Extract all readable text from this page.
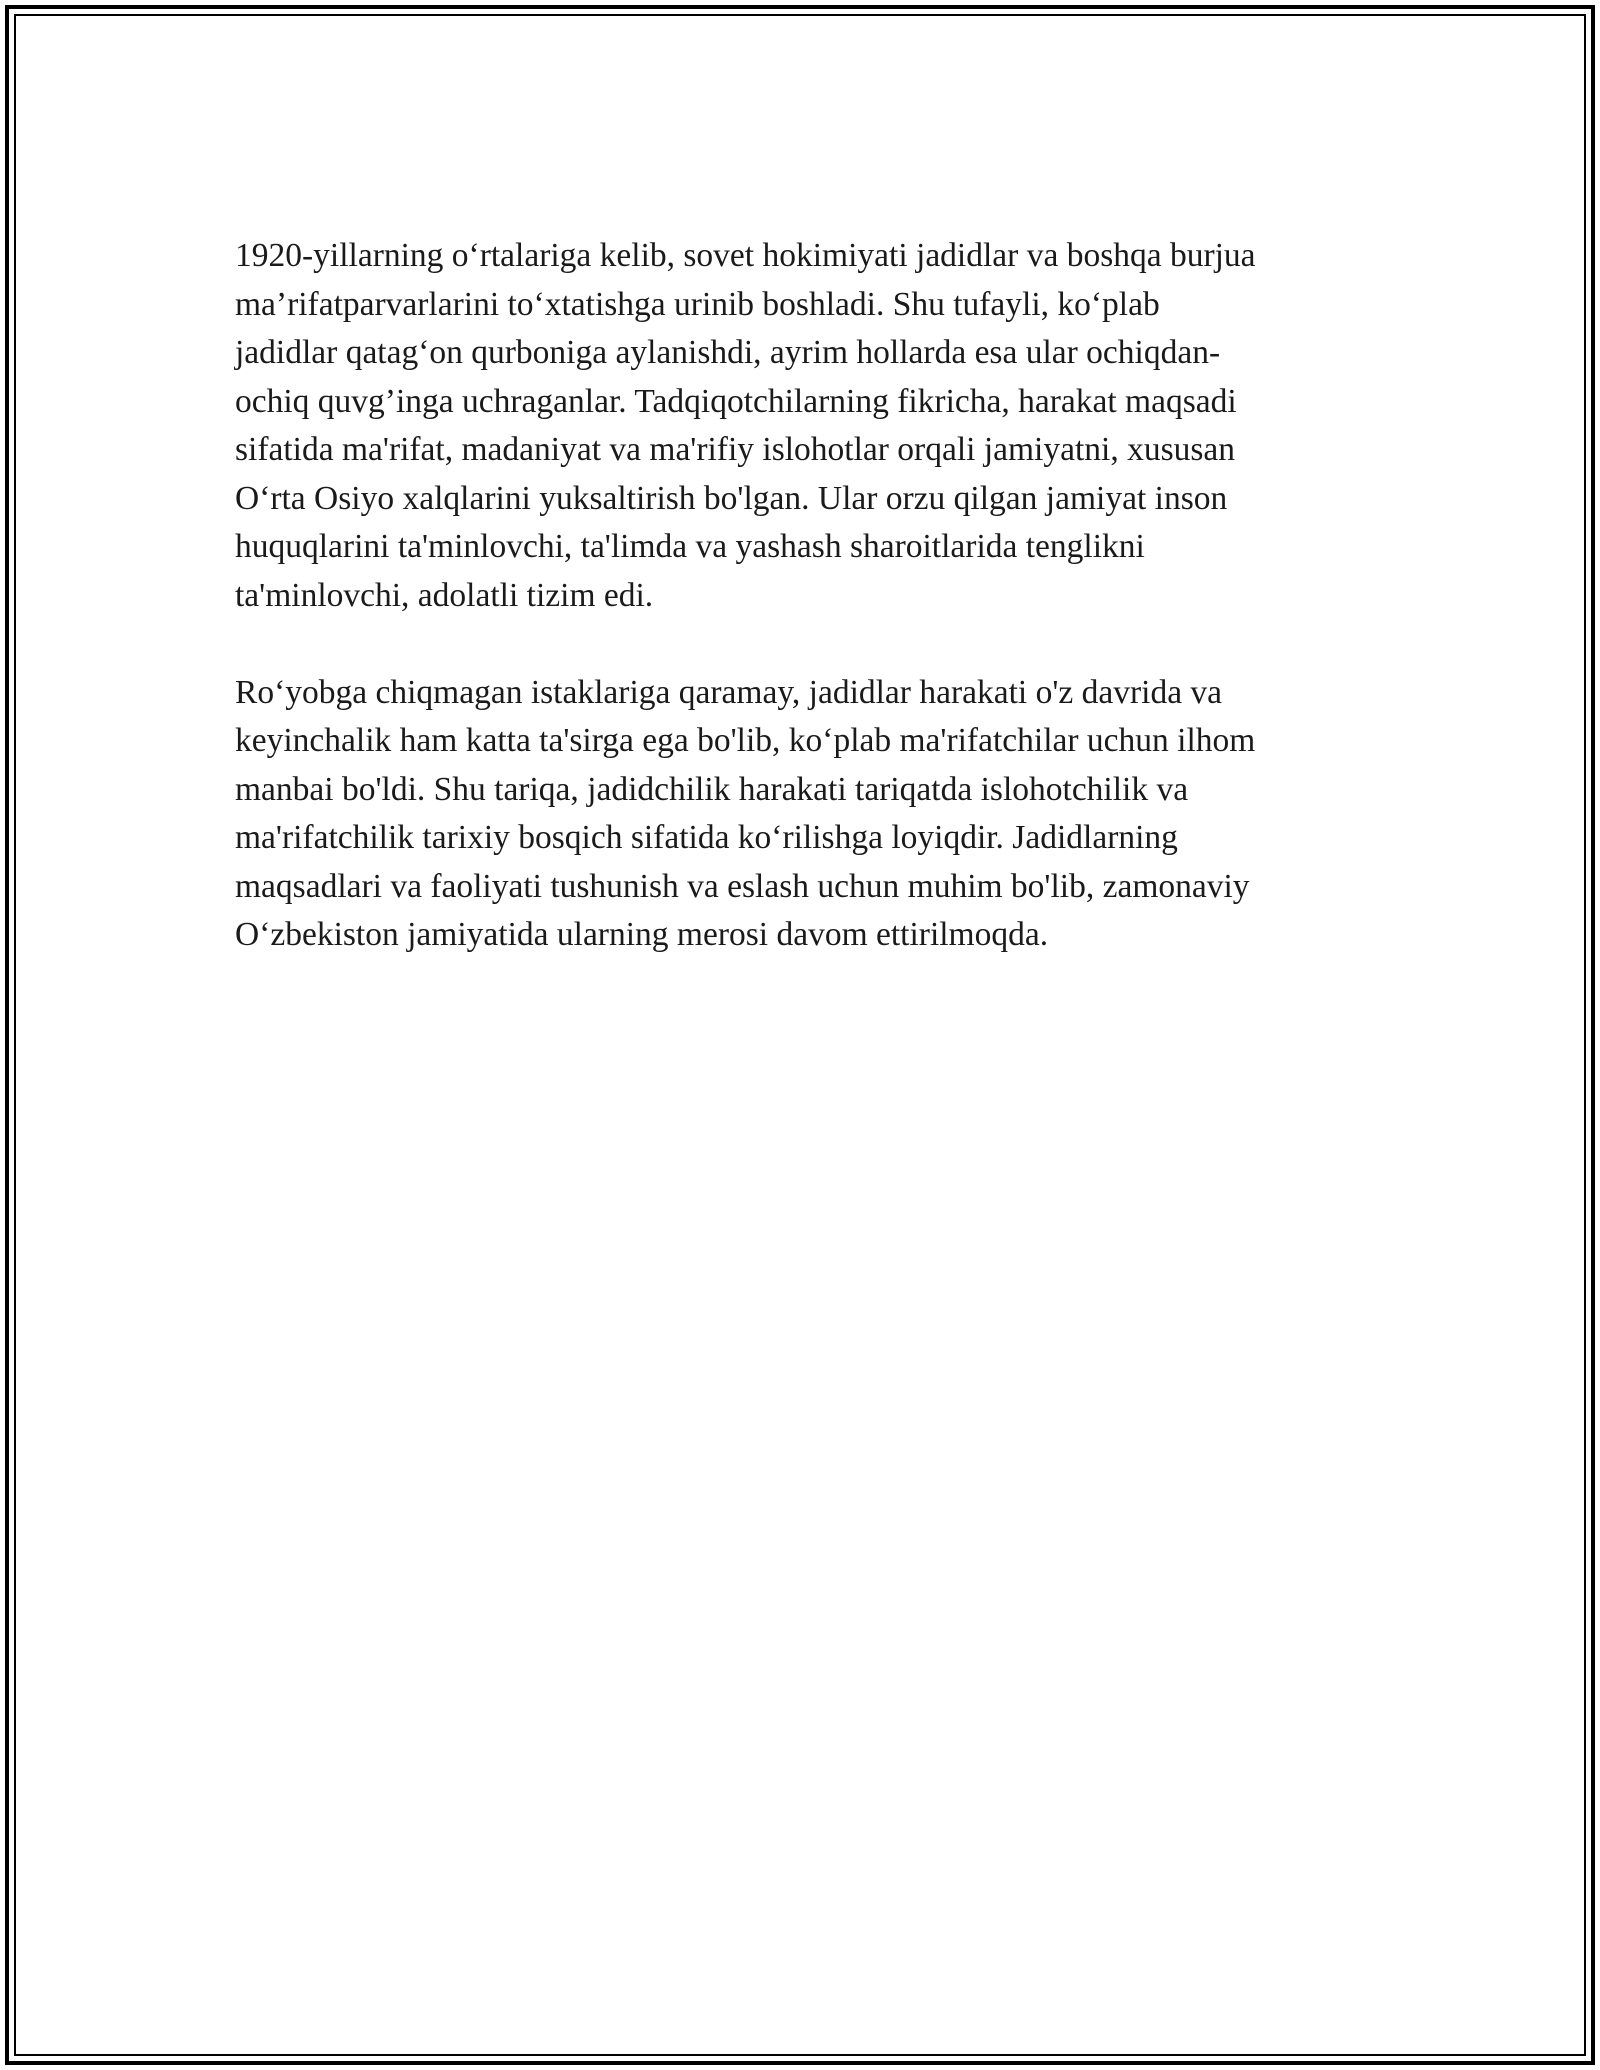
1920-yillarning o‘rtalariga kelib, sovet hokimiyati jadidlar va boshqa burjua
ma’rifatparvarlarini to‘xtatishga urinib boshladi. Shu tufayli, ko‘plab
jadidlar qatag‘on qurboniga aylanishdi, ayrim hollarda esa ular ochiqdan-
ochiq quvg’inga uchraganlar. Tadqiqotchilarning fikricha, harakat maqsadi
sifatida ma'rifat, madaniyat va ma'rifiy islohotlar orqali jamiyatni, xususan
O‘rta Osiyo xalqlarini yuksaltirish bo'lgan. Ular orzu qilgan jamiyat inson
huquqlarini ta'minlovchi, ta'limda va yashash sharoitlarida tenglikni
ta'minlovchi, adolatli tizim edi.

Ro‘yobga chiqmagan istaklariga qaramay, jadidlar harakati o'z davrida va
keyinchalik ham katta ta'sirga ega bo'lib, ko‘plab ma'rifatchilar uchun ilhom
manbai bo'ldi. Shu tariqa, jadidchilik harakati tariqatda islohotchilik va
ma'rifatchilik tarixiy bosqich sifatida ko‘rilishga loyiqdir. Jadidlarning
maqsadlari va faoliyati tushunish va eslash uchun muhim bo'lib, zamonaviy
O‘zbekiston jamiyatida ularning merosi davom ettirilmoqda.
